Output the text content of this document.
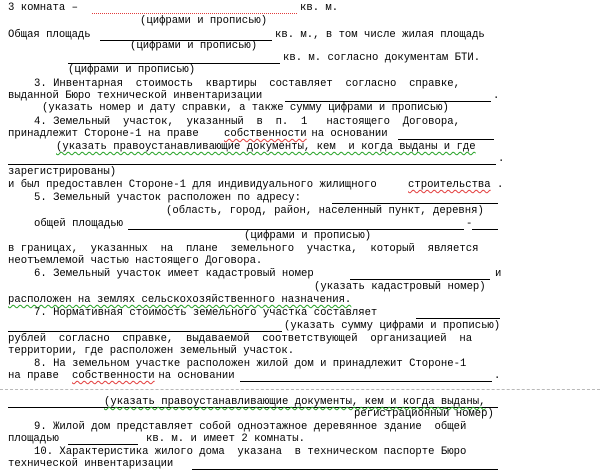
3 комната –	кв. м.
(цифрами и прописью)
Общая площадь	кв. м., в том числе жилая площадь
(цифрами и прописью)
кв. м. согласно документам БТИ.
(цифрами и прописью)
3. Инвентарная  стоимость  квартиры  составляет  согласно  справке,
выданной Бюро технической инвентаризации	.
(указать номер и дату справки, а также сумму цифрами и прописью)
4. Земельный  участок,  указанный  в  п.  1   настоящего  Договора,
принадлежит Стороне-1 на праве собственности
на основании
(указать правоустанавливающие документы, кем  и когда выданы и где
.
зарегистрированы)
и был предоставлен Стороне-1 для индивидуального жилищного строительства .
5. Земельный участок расположен по адресу:
(область, город, район, населенный пункт, деревня)
общей площадью	-
(цифрами и прописью)
в границах,  указанных  на  плане  земельного  участка,  который  является
неотъемлемой частью настоящего Договора.
6. Земельный участок имеет кадастровый номер	и
(указать кадастровый номер)
расположен на землях сельскохозяйственного назначения.
7. Нормативная стоимость земельного участка составляет
(указать сумму цифрами и прописью)
рублей  согласно  справке,  выдаваемой  соответствующей  организацией  на
территории, где расположен земельный участок.
8. На земельном участке расположен жилой дом и принадлежит Стороне-1
на праве собственности
на основании	.
(указать правоустанавливающие документы, кем и когда выданы,
регистрационный номер)
9. Жилой дом представляет собой одноэтажное деревянное здание  общей
площадью	кв. м. и имеет 2 комнаты.
10. Характеристика жилого дома  указана  в техническом паспорте Бюро
технической инвентаризации
